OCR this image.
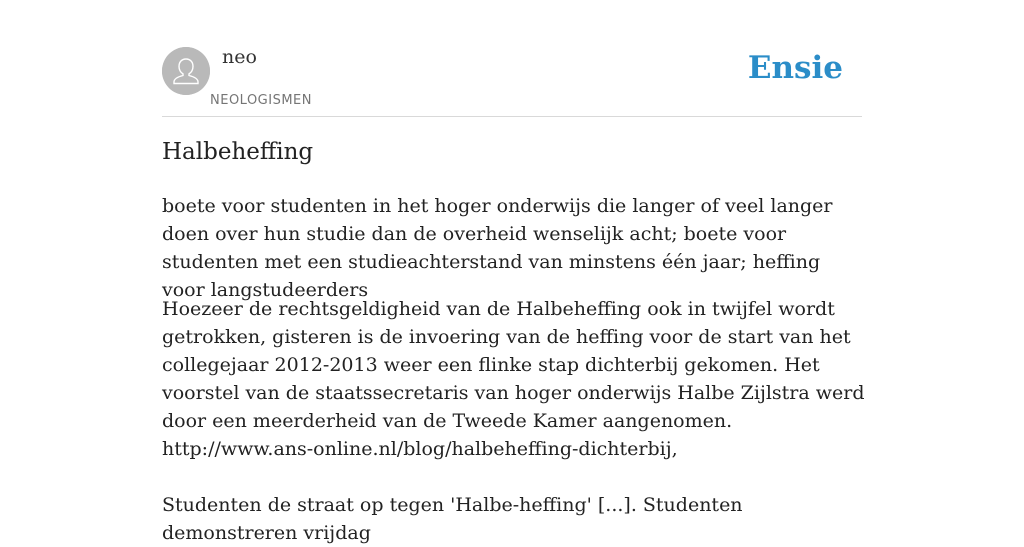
neo
NEOLOGISMEN
Ensie
Halbeheffing

boete voor studenten in het hoger onderwijs die langer of veel langer doen over hun studie dan de overheid wenselijk acht; boete voor studenten met een studieachterstand van minstens één jaar; heffing voor langstudeerders

Hoezeer de rechtsgeldigheid van de Halbeheffing ook in twijfel wordt getrokken, gisteren is de invoering van de heffing voor de start van het collegejaar 2012-2013 weer een flinke stap dichterbij gekomen. Het voorstel van de staatssecretaris van hoger onderwijs Halbe Zijlstra werd door een meerderheid van de Tweede Kamer aangenomen.
http://www.ans-online.nl/blog/halbeheffing-dichterbij,

Studenten de straat op tegen 'Halbe-heffing' [...]. Studenten demonstreren vrijdag
